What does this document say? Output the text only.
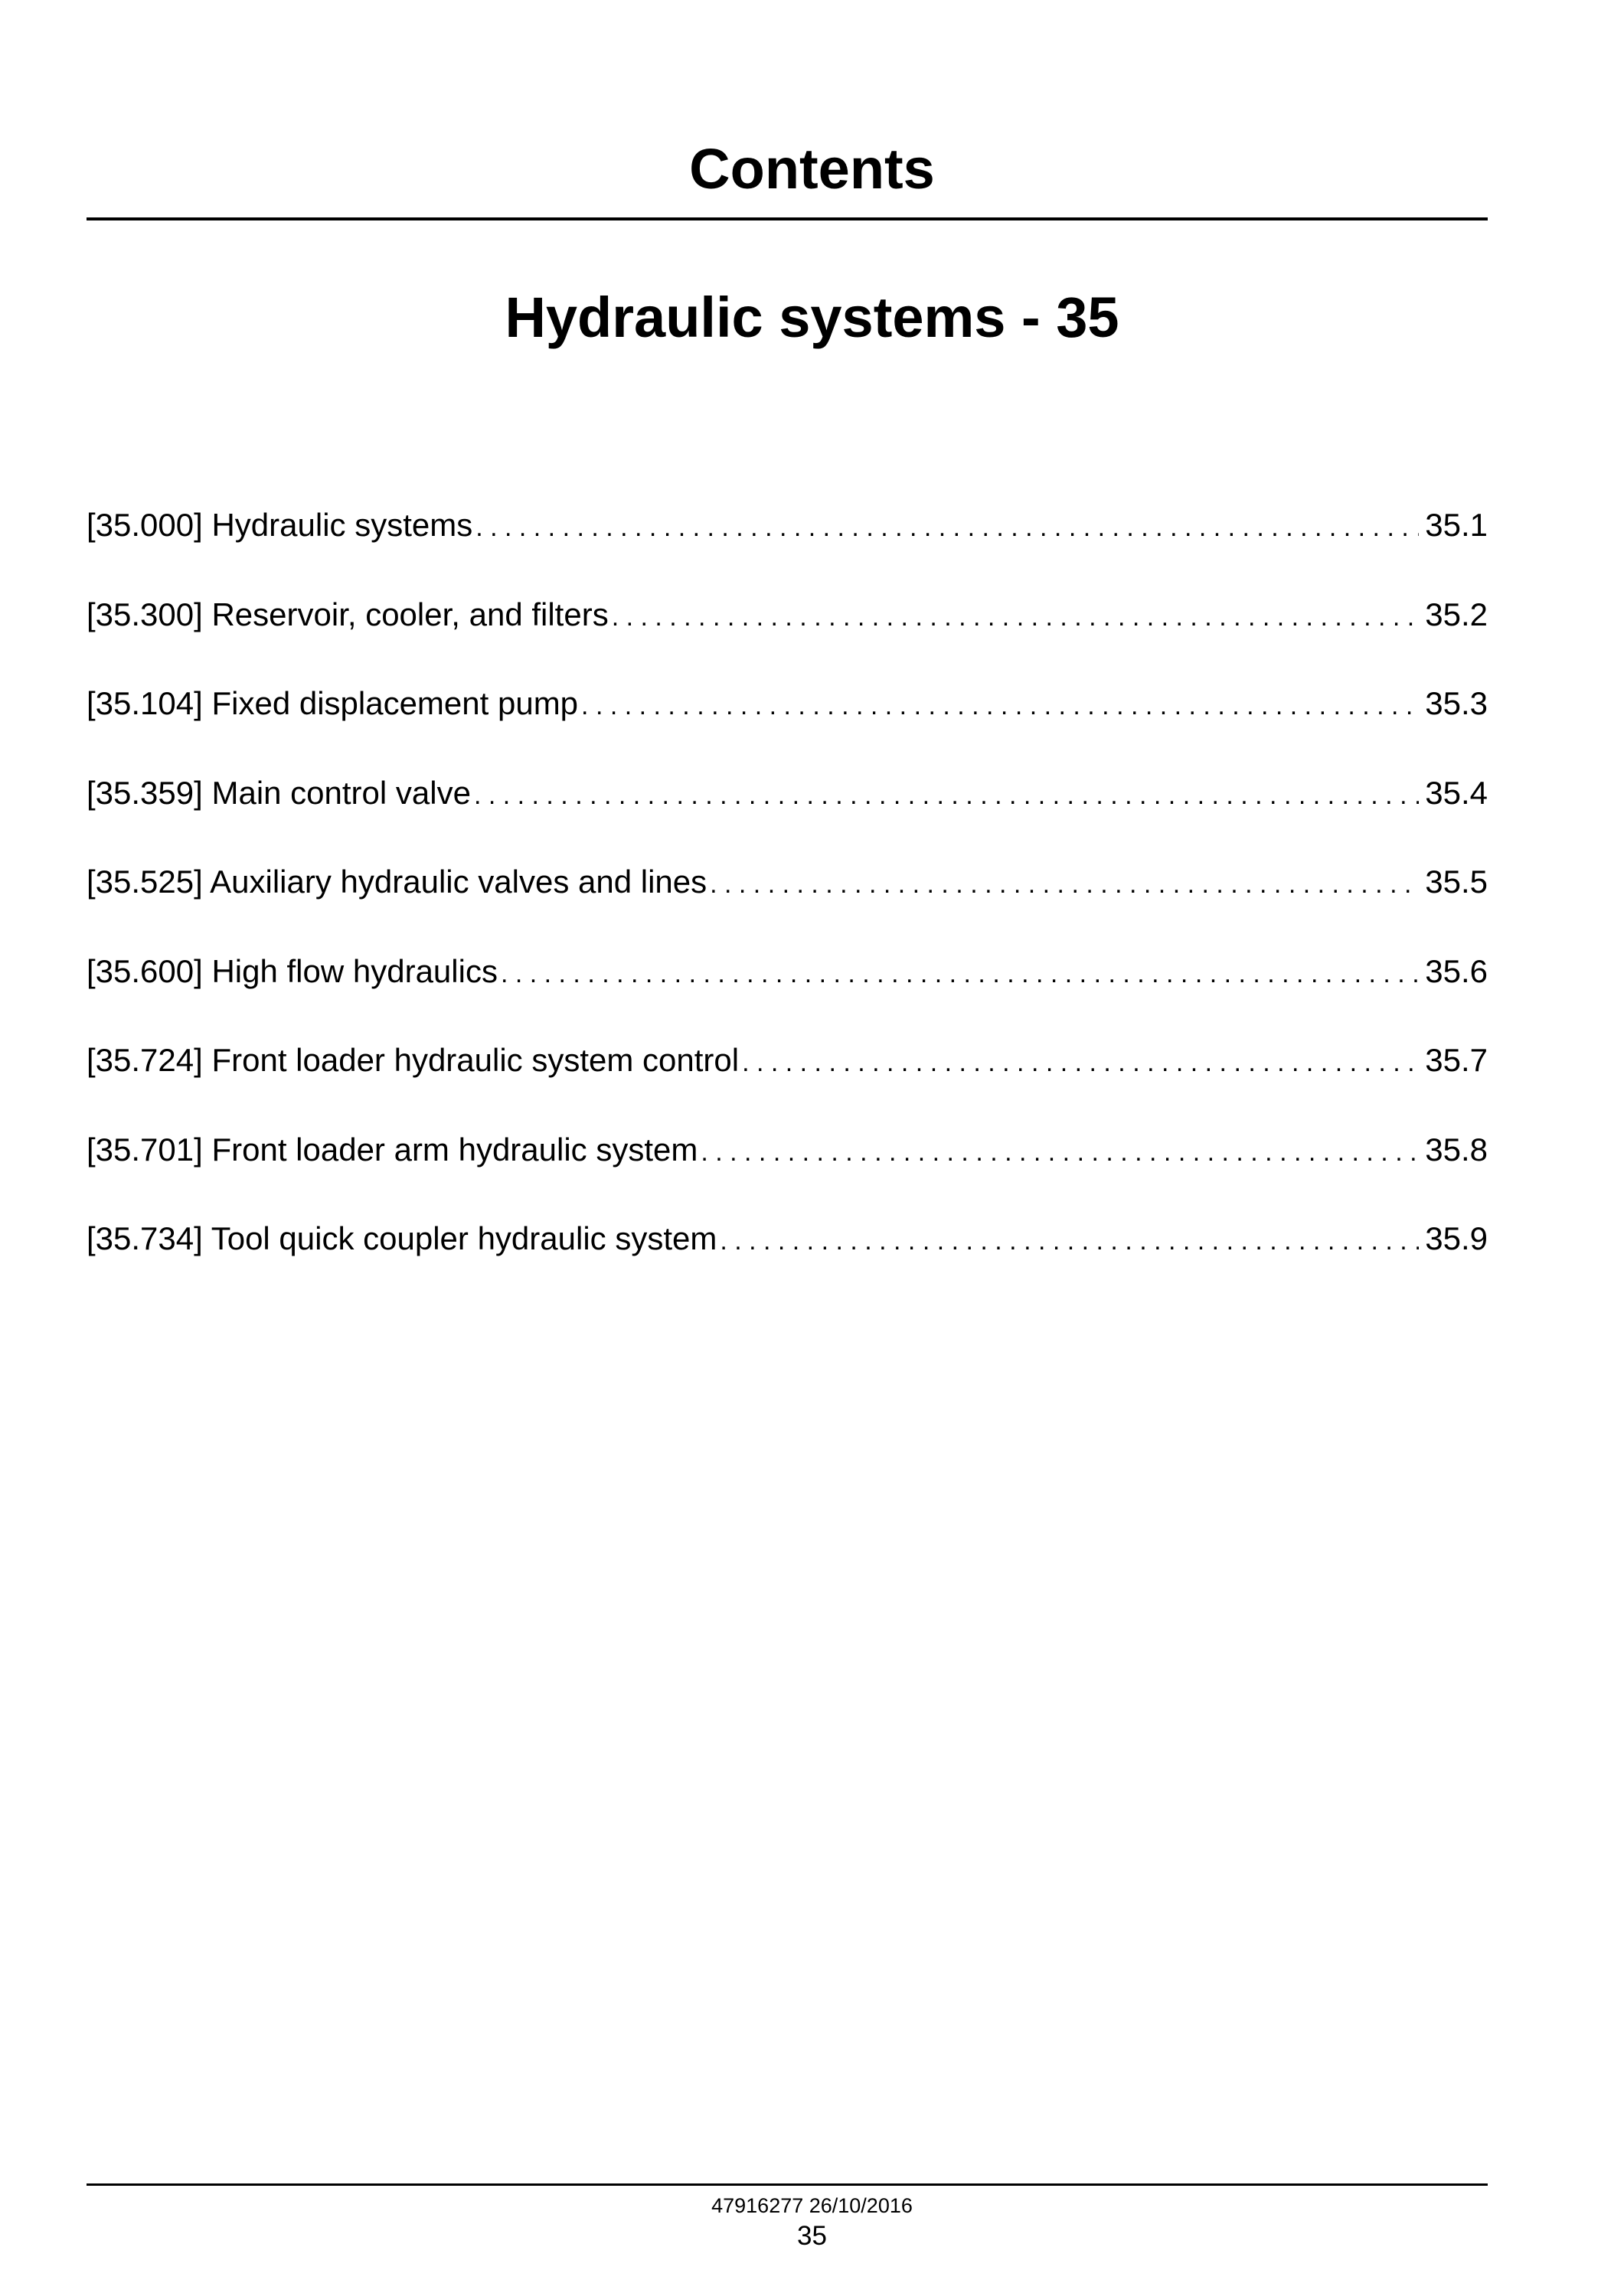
Contents
Hydraulic systems - 35
[35.000] Hydraulic systems . . .	35.1
[35.300] Reservoir, cooler, and filters . . .	35.2
[35.104] Fixed displacement pump . . .	35.3
[35.359] Main control valve . . .	35.4
[35.525] Auxiliary hydraulic valves and lines . . .	35.5
[35.600] High flow hydraulics . . .	35.6
[35.724] Front loader hydraulic system control . . .	35.7
[35.701] Front loader arm hydraulic system . . .	35.8
[35.734] Tool quick coupler hydraulic system . . .	35.9
47916277 26/10/2016
35
